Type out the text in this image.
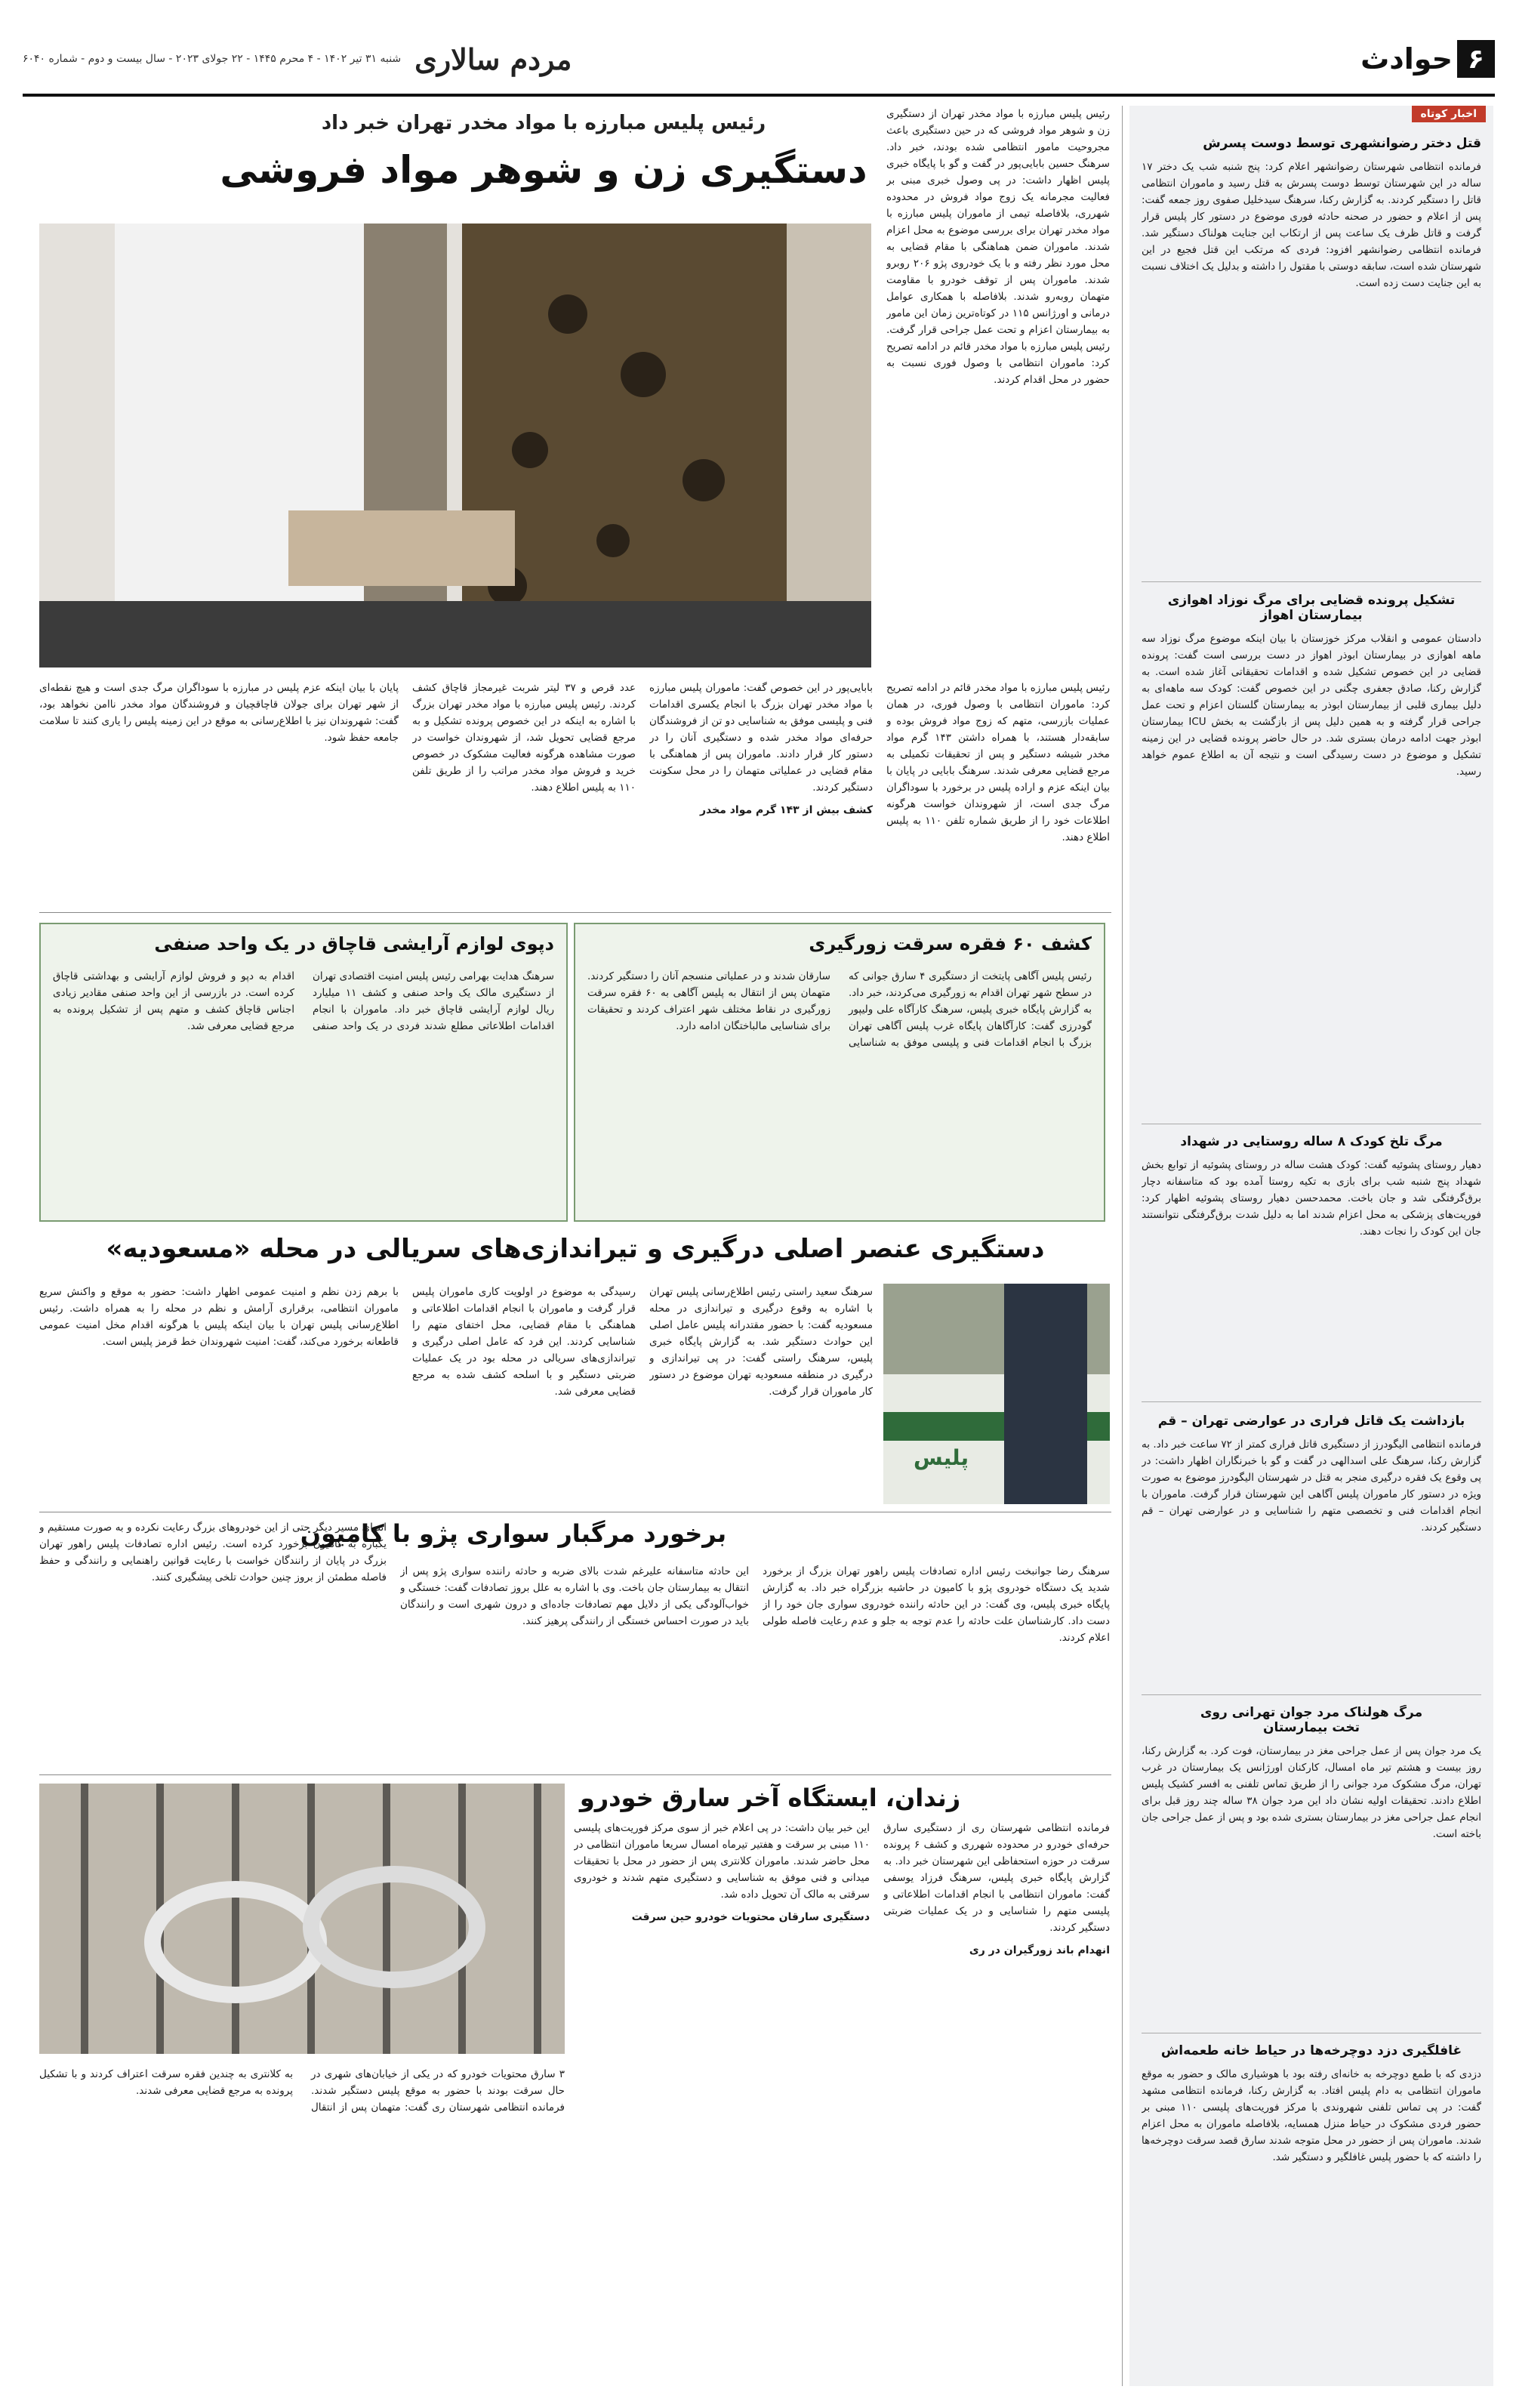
۶
حوادث
مردم سالاری
شنبه ۳۱ تیر ۱۴۰۲ - ۴ محرم ۱۴۴۵ - ۲۲ جولای ۲۰۲۳ - سال بیست و دوم - شماره ۶۰۴۰
اخبار کوتاه
قتل دختر رضوانشهری توسط دوست پسرش

فرمانده انتظامی شهرستان رضوانشهر اعلام کرد: پنج شنبه شب یک دختر ۱۷ ساله در این شهرستان توسط دوست پسرش به قتل رسید و ماموران انتظامی قاتل را دستگیر کردند. به گزارش رکنا، سرهنگ سیدخلیل صفوی روز جمعه گفت: پس از اعلام و حضور در صحنه حادثه فوری موضوع در دستور کار پلیس قرار گرفت و قاتل ظرف یک ساعت پس از ارتکاب این جنایت هولناک دستگیر شد. فرمانده انتظامی رضوانشهر افزود: فردی که مرتکب این قتل فجیع در این شهرستان شده است، سابقه دوستی با مقتول را داشته و بدلیل یک اختلاف نسبت به این جنایت دست زده است.

تشکیل پرونده قضایی برای مرگ نوزاد اهوازی بیمارستان اهواز

دادستان عمومی و انقلاب مرکز خوزستان با بیان اینکه موضوع مرگ نوزاد سه ماهه اهوازی در بیمارستان ابوذر اهواز در دست بررسی است گفت: پرونده قضایی در این خصوص تشکیل شده و اقدامات تحقیقاتی آغاز شده است. به گزارش رکنا، صادق جعفری چگنی در این خصوص گفت: کودک سه ماهه‌ای به دلیل بیماری قلبی از بیمارستان ابوذر به بیمارستان گلستان اعزام و تحت عمل جراحی قرار گرفته و به همین دلیل پس از بازگشت به بخش ICU بیمارستان ابوذر جهت ادامه درمان بستری شد. در حال حاضر پرونده قضایی در این زمینه تشکیل و موضوع در دست رسیدگی است و نتیجه آن به اطلاع عموم خواهد رسید.

مرگ تلخ کودک ۸ ساله روستایی در شهداد

دهیار روستای پشوئیه گفت: کودک هشت ساله در روستای پشوئیه از توابع بخش شهداد پنج شنبه شب برای بازی به تکیه روستا آمده بود که متاسفانه دچار برق‌گرفتگی شد و جان باخت. محمدحسن دهیار روستای پشوئیه اظهار کرد: فوریت‌های پزشکی به محل اعزام شدند اما به دلیل شدت برق‌گرفتگی نتوانستند جان این کودک را نجات دهند.

بازداشت یک قاتل فراری در عوارضی تهران – قم

فرمانده انتظامی الیگودرز از دستگیری قاتل فراری کمتر از ۷۲ ساعت خبر داد. به گزارش رکنا، سرهنگ علی اسدالهی در گفت و گو با خبرنگاران اظهار داشت: در پی وقوع یک فقره درگیری منجر به قتل در شهرستان الیگودرز موضوع به صورت ویژه در دستور کار ماموران پلیس آگاهی این شهرستان قرار گرفت. ماموران با انجام اقدامات فنی و تخصصی متهم را شناسایی و در عوارضی تهران – قم دستگیر کردند.

مرگ هولناک مرد جوان تهرانی روی تخت بیمارستان

یک مرد جوان پس از عمل جراحی مغز در بیمارستان، فوت کرد. به گزارش رکنا، روز بیست و هشتم تیر ماه امسال، کارکنان اورژانس یک بیمارستان در غرب تهران، مرگ مشکوک مرد جوانی را از طریق تماس تلفنی به افسر کشیک پلیس اطلاع دادند. تحقیقات اولیه نشان داد این مرد جوان ۳۸ ساله چند روز قبل برای انجام عمل جراحی مغز در بیمارستان بستری شده بود و پس از عمل جراحی جان باخته است.

غافلگیری دزد دوچرخه‌ها در حیاط خانه طعمه‌اش

دزدی که با طمع دوچرخه به خانه‌ای رفته بود با هوشیاری مالک و حضور به موقع ماموران انتظامی به دام پلیس افتاد. به گزارش رکنا، فرمانده انتظامی مشهد گفت: در پی تماس تلفنی شهروندی با مرکز فوریت‌های پلیسی ۱۱۰ مبنی بر حضور فردی مشکوک در حیاط منزل همسایه، بلافاصله ماموران به محل اعزام شدند. ماموران پس از حضور در محل متوجه شدند سارق قصد سرقت دوچرخه‌ها را داشته که با حضور پلیس غافلگیر و دستگیر شد.

رئیس پلیس مبارزه با مواد مخدر تهران خبر داد
دستگیری زن و شوهر مواد فروشی

رئیس پلیس مبارزه با مواد مخدر تهران از دستگیری زن و شوهر مواد فروشی که در حین دستگیری باعث مجروحیت مامور انتظامی شده بودند، خبر داد. سرهنگ حسین بابایی‌پور در گفت و گو با پایگاه خبری پلیس اظهار داشت: در پی وصول خبری مبنی بر فعالیت مجرمانه یک زوج مواد فروش در محدوده شهرری، بلافاصله تیمی از ماموران پلیس مبارزه با مواد مخدر تهران برای بررسی موضوع به محل اعزام شدند. ماموران ضمن هماهنگی با مقام قضایی به محل مورد نظر رفته و با یک خودروی پژو ۲۰۶ روبرو شدند. ماموران پس از توقف خودرو با مقاومت متهمان روبه‌رو شدند. بلافاصله با همکاری عوامل درمانی و اورژانس ۱۱۵ در کوتاه‌ترین زمان این مامور به بیمارستان اعزام و تحت عمل جراحی قرار گرفت. رئیس پلیس مبارزه با مواد مخدر قائم در ادامه تصریح کرد: ماموران انتظامی با وصول فوری نسبت به حضور در محل اقدام کردند.

رئیس پلیس مبارزه با مواد مخدر قائم در ادامه تصریح کرد: ماموران انتظامی با وصول فوری، در همان عملیات بازرسی، متهم که زوج مواد فروش بوده و سابقه‌دار هستند، با همراه داشتن ۱۴۳ گرم مواد مخدر شیشه دستگیر و پس از تحقیقات تکمیلی به مرجع قضایی معرفی شدند. سرهنگ بابایی در پایان با بیان اینکه عزم و اراده پلیس در برخورد با سوداگران مرگ جدی است، از شهروندان خواست هرگونه اطلاعات خود را از طریق شماره تلفن ۱۱۰ به پلیس اطلاع دهند.

بابایی‌پور در این خصوص گفت: ماموران پلیس مبارزه با مواد مخدر تهران بزرگ با انجام یکسری اقدامات فنی و پلیسی موفق به شناسایی دو تن از فروشندگان حرفه‌ای مواد مخدر شده و دستگیری آنان را در دستور کار قرار دادند. ماموران پس از هماهنگی با مقام قضایی در عملیاتی متهمان را در محل سکونت دستگیر کردند.

کشف بیش از ۱۴۳ گرم مواد مخدر

عدد قرص و ۳۷ لیتر شربت غیرمجاز قاچاق کشف کردند. رئیس پلیس مبارزه با مواد مخدر تهران بزرگ با اشاره به اینکه در این خصوص پرونده تشکیل و به مرجع قضایی تحویل شد، از شهروندان خواست در صورت مشاهده هرگونه فعالیت مشکوک در خصوص خرید و فروش مواد مخدر مراتب را از طریق تلفن ۱۱۰ به پلیس اطلاع دهند.

پایان با بیان اینکه عزم پلیس در مبارزه با سوداگران مرگ جدی است و هیچ نقطه‌ای از شهر تهران برای جولان قاچاقچیان و فروشندگان مواد مخدر ناامن نخواهد بود، گفت: شهروندان نیز با اطلاع‌رسانی به موقع در این زمینه پلیس را یاری کنند تا سلامت جامعه حفظ شود.

کشف ۶۰ فقره سرقت زورگیری

رئیس پلیس آگاهی پایتخت از دستگیری ۴ سارق جوانی که در سطح شهر تهران اقدام به زورگیری می‌کردند، خبر داد. به گزارش پایگاه خبری پلیس، سرهنگ کارآگاه علی ولیپور گودرزی گفت: کارآگاهان پایگاه غرب پلیس آگاهی تهران بزرگ با انجام اقدامات فنی و پلیسی موفق به شناسایی سارقان شدند و در عملیاتی منسجم آنان را دستگیر کردند. متهمان پس از انتقال به پلیس آگاهی به ۶۰ فقره سرقت زورگیری در نقاط مختلف شهر اعتراف کردند و تحقیقات برای شناسایی مالباختگان ادامه دارد.

دپوی لوازم آرایشی قاچاق در یک واحد صنفی

سرهنگ هدایت بهرامی رئیس پلیس امنیت اقتصادی تهران از دستگیری مالک یک واحد صنفی و کشف ۱۱ میلیارد ریال لوازم آرایشی قاچاق خبر داد. ماموران با انجام اقدامات اطلاعاتی مطلع شدند فردی در یک واحد صنفی اقدام به دپو و فروش لوازم آرایشی و بهداشتی قاچاق کرده است. در بازرسی از این واحد صنفی مقادیر زیادی اجناس قاچاق کشف و متهم پس از تشکیل پرونده به مرجع قضایی معرفی شد.

دستگیری عنصر اصلی درگیری و تیراندازی‌های سریالی در محله «مسعودیه»
پلیس

سرهنگ سعید راستی رئیس اطلاع‌رسانی پلیس تهران با اشاره به وقوع درگیری و تیراندازی در محله مسعودیه گفت: با حضور مقتدرانه پلیس عامل اصلی این حوادث دستگیر شد. به گزارش پایگاه خبری پلیس، سرهنگ راستی گفت: در پی تیراندازی و درگیری در منطقه مسعودیه تهران موضوع در دستور کار ماموران قرار گرفت.

رسیدگی به موضوع در اولویت کاری ماموران پلیس قرار گرفت و ماموران با انجام اقدامات اطلاعاتی و هماهنگی با مقام قضایی، محل اختفای متهم را شناسایی کردند. این فرد که عامل اصلی درگیری و تیراندازی‌های سریالی در محله بود در یک عملیات ضربتی دستگیر و با اسلحه کشف شده به مرجع قضایی معرفی شد.

با برهم زدن نظم و امنیت عمومی اظهار داشت: حضور به موقع و واکنش سریع ماموران انتظامی، برقراری آرامش و نظم در محله را به همراه داشت. رئیس اطلاع‌رسانی پلیس تهران با بیان اینکه پلیس با هرگونه اقدام مخل امنیت عمومی قاطعانه برخورد می‌کند، گفت: امنیت شهروندان خط قرمز پلیس است.

برخورد مرگبار سواری پژو با کامیون

سرهنگ رضا جوانبخت رئیس اداره تصادفات پلیس راهور تهران بزرگ از برخورد شدید یک دستگاه خودروی پژو با کامیون در حاشیه بزرگراه خبر داد. به گزارش پایگاه خبری پلیس، وی گفت: در این حادثه راننده خودروی سواری جان خود را از دست داد. کارشناسان علت حادثه را عدم توجه به جلو و عدم رعایت فاصله طولی اعلام کردند.

این حادثه متاسفانه علیرغم شدت بالای ضربه و حادثه راننده سواری پژو پس از انتقال به بیمارستان جان باخت. وی با اشاره به علل بروز تصادفات گفت: خستگی و خواب‌آلودگی یکی از دلایل مهم تصادفات جاده‌ای و درون شهری است و رانندگان باید در صورت احساس خستگی از رانندگی پرهیز کنند.

انتهای مسیر دیگر حتی از این خودروهای بزرگ رعایت نکرده و به صورت مستقیم و یکباره به کامیون برخورد کرده است. رئیس اداره تصادفات پلیس راهور تهران بزرگ در پایان از رانندگان خواست با رعایت قوانین راهنمایی و رانندگی و حفظ فاصله مطمئن از بروز چنین حوادث تلخی پیشگیری کنند.

زندان، ایستگاه آخر سارق خودرو

فرمانده انتظامی شهرستان ری از دستگیری سارق حرفه‌ای خودرو در محدوده شهرری و کشف ۶ پرونده سرقت در حوزه استحفاظی این شهرستان خبر داد. به گزارش پایگاه خبری پلیس، سرهنگ فرزاد یوسفی گفت: ماموران انتظامی با انجام اقدامات اطلاعاتی و پلیسی متهم را شناسایی و در یک عملیات ضربتی دستگیر کردند.

انهدام باند زورگیران در ری

این خبر بیان داشت: در پی اعلام خبر از سوی مرکز فوریت‌های پلیسی ۱۱۰ مبنی بر سرقت و هفتیر تیرماه امسال سریعا ماموران انتظامی در محل حاضر شدند. ماموران کلانتری پس از حضور در محل با تحقیقات میدانی و فنی موفق به شناسایی و دستگیری متهم شدند و خودروی سرقتی به مالک آن تحویل داده شد.

دستگیری سارقان محتویات خودرو حین سرقت

۳ سارق محتویات خودرو که در یکی از خیابان‌های شهری در حال سرقت بودند با حضور به موقع پلیس دستگیر شدند. فرمانده انتظامی شهرستان ری گفت: متهمان پس از انتقال به کلانتری به چندین فقره سرقت اعتراف کردند و با تشکیل پرونده به مرجع قضایی معرفی شدند.
